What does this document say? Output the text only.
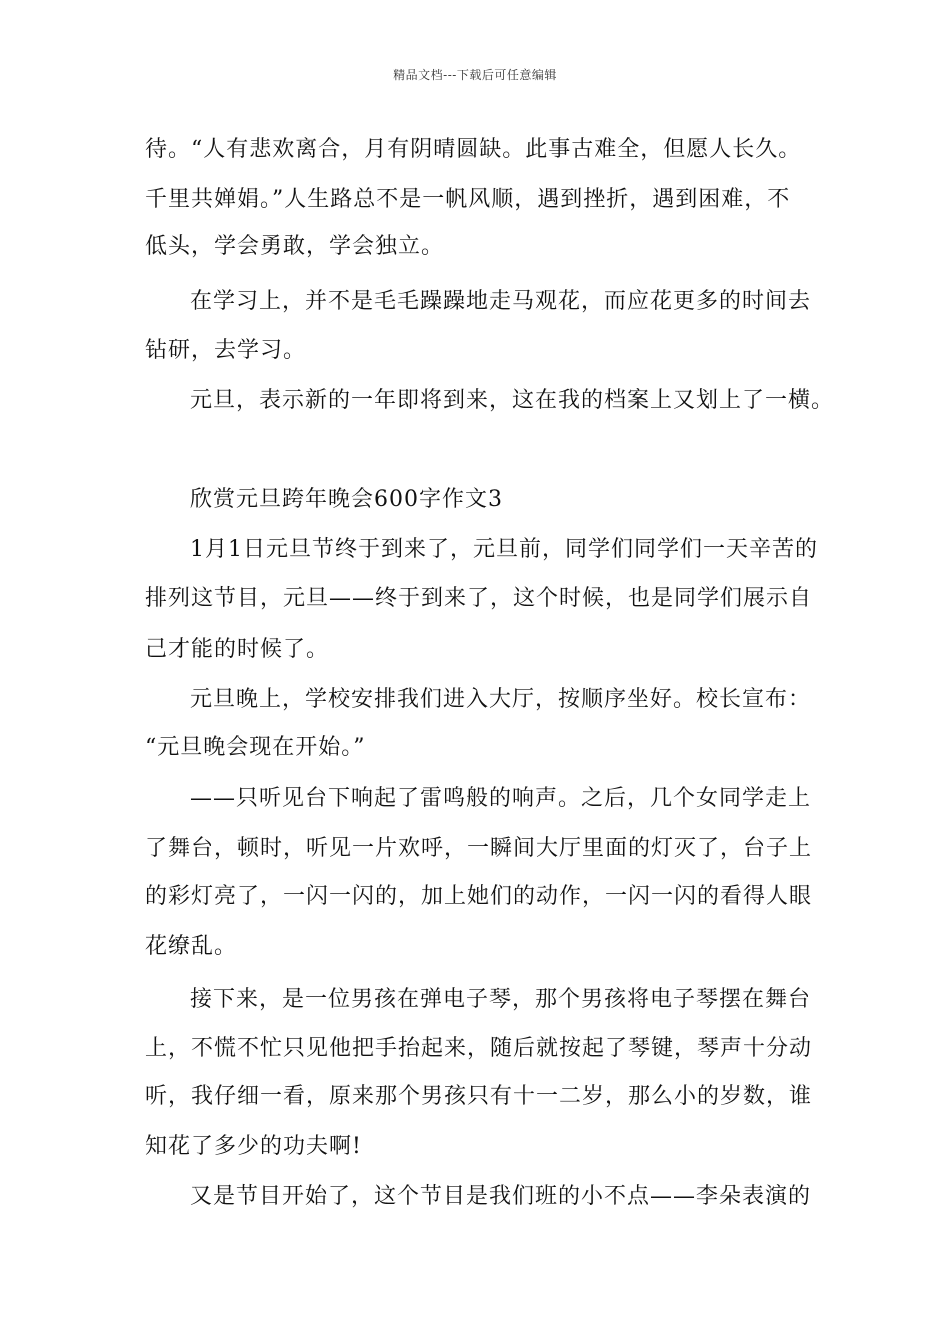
精品文档---下载后可任意编辑
待。“人有悲欢离合，月有阴晴圆缺。此事古难全，但愿人长久。
千里共婵娟。”人生路总不是一帆风顺，遇到挫折，遇到困难，不
低头，学会勇敢，学会独立。
在学习上，并不是毛毛躁躁地走马观花，而应花更多的时间去
钻研，去学习。
元旦，表示新的一年即将到来，这在我的档案上又划上了一横。
欣赏元旦跨年晚会600字作文3
1月1日元旦节终于到来了，元旦前，同学们同学们一天辛苦的
排列这节目，元旦——终于到来了，这个时候，也是同学们展示自
己才能的时候了。
元旦晚上，学校安排我们进入大厅，按顺序坐好。校长宣布：
“元旦晚会现在开始。”
——只听见台下响起了雷鸣般的响声。之后，几个女同学走上
了舞台，顿时，听见一片欢呼，一瞬间大厅里面的灯灭了，台子上
的彩灯亮了，一闪一闪的，加上她们的动作，一闪一闪的看得人眼
花缭乱。
接下来，是一位男孩在弹电子琴，那个男孩将电子琴摆在舞台
上，不慌不忙只见他把手抬起来，随后就按起了琴键，琴声十分动
听，我仔细一看，原来那个男孩只有十一二岁，那么小的岁数，谁
知花了多少的功夫啊!
又是节目开始了，这个节目是我们班的小不点——李朵表演的
